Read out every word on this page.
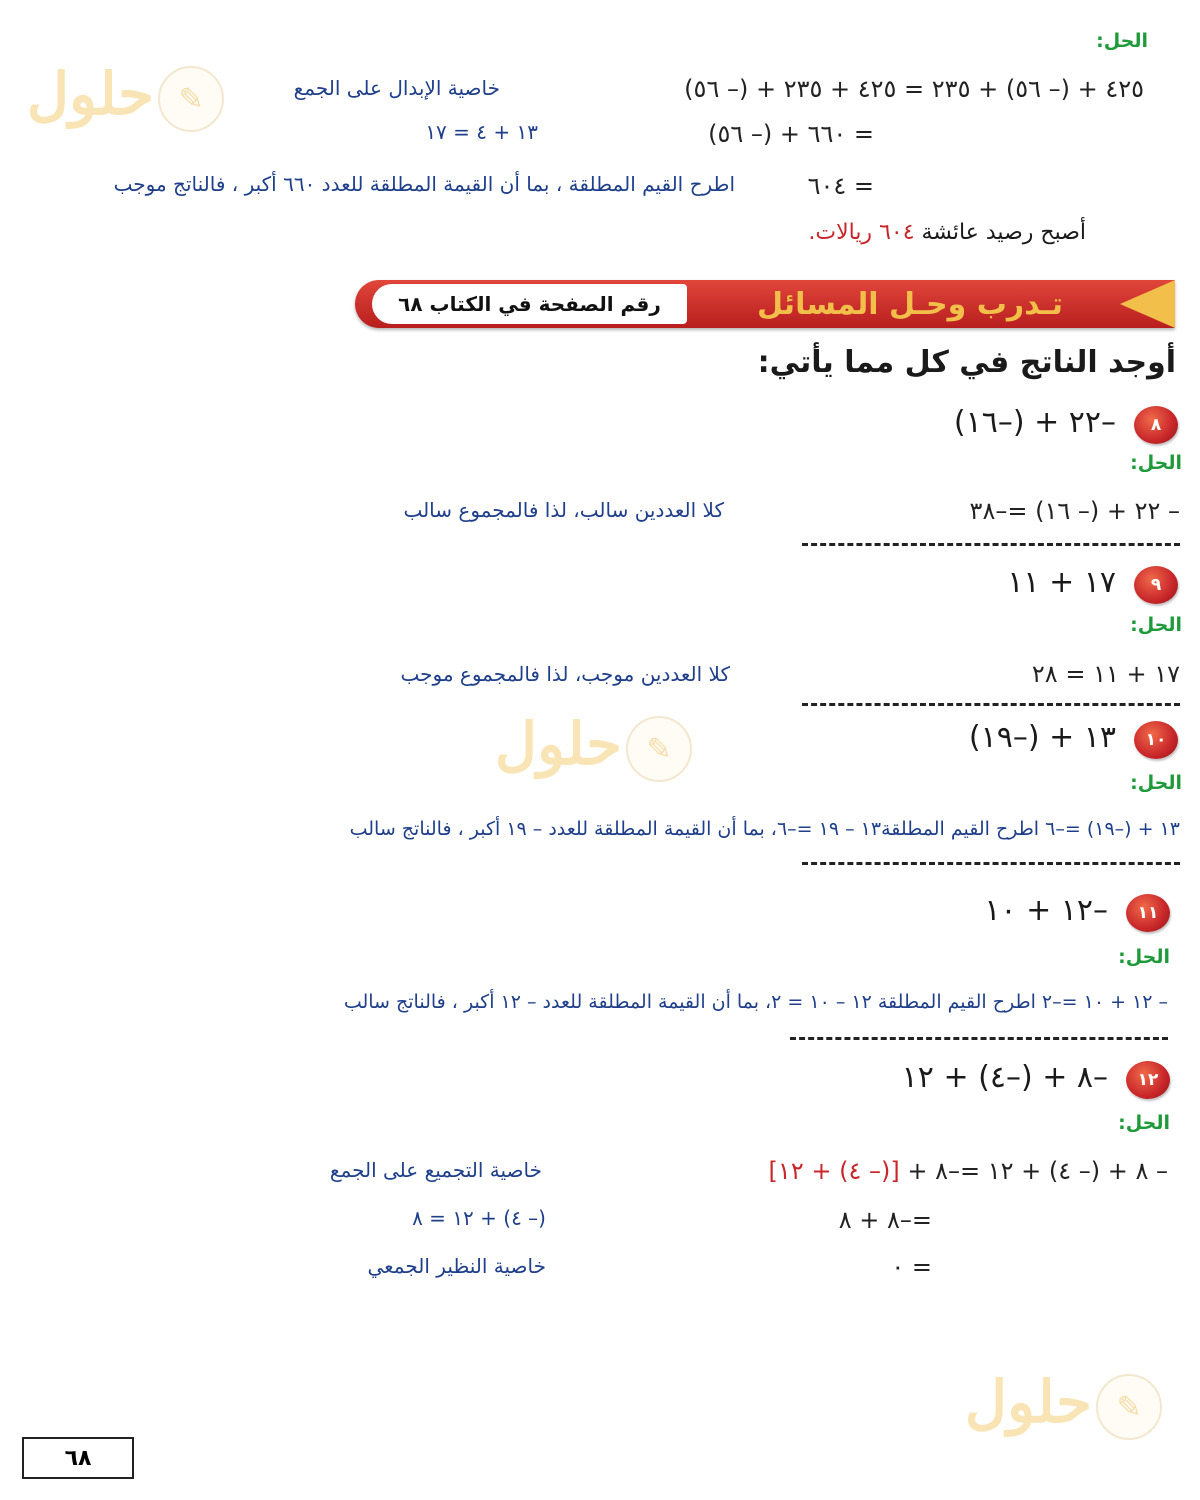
✎
حلول
✎
حلول
✎
حلول
الحل:
٤٢٥ + (– ٥٦) + ٢٣٥ = ٤٢٥ + ٢٣٥ + (– ٥٦)
خاصية الإبدال على الجمع
= ٦٦٠ + (– ٥٦)
١٣ + ٤ = ١٧
= ٦٠٤
اطرح القيم المطلقة ، بما أن القيمة المطلقة للعدد ٦٦٠ أكبر ، فالناتج موجب
أصبح رصيد عائشة ٦٠٤ ريالات.
رقم الصفحة في الكتاب ٦٨	تـدرب وحـل المسائل
أوجد الناتج في كل مما يأتي:
٨
–٢٢ + (–١٦)
الحل:
– ٢٢ + (– ١٦) =–٣٨
كلا العددين سالب، لذا فالمجموع سالب
٩
١٧ + ١١
الحل:
١٧ + ١١ = ٢٨
كلا العددين موجب، لذا فالمجموع موجب
١٠
١٣ + (–١٩)
الحل:
١٣ + (–١٩) =–٦ اطرح القيم المطلقة١٣ – ١٩ =–٦، بما أن القيمة المطلقة للعدد – ١٩ أكبر ، فالناتج سالب
١١
–١٢ + ١٠
الحل:
– ١٢ + ١٠ =–٢ اطرح القيم المطلقة ١٢ – ١٠ = ٢، بما أن القيمة المطلقة للعدد – ١٢ أكبر ، فالناتج سالب
١٢
–٨ + (–٤) + ١٢
الحل:
– ٨ + (– ٤) + ١٢ =–٨ + [(– ٤) + ١٢]
خاصية التجميع على الجمع
=–٨ + ٨
(– ٤) + ١٢ = ٨
= ٠
خاصية النظير الجمعي
٦٨
